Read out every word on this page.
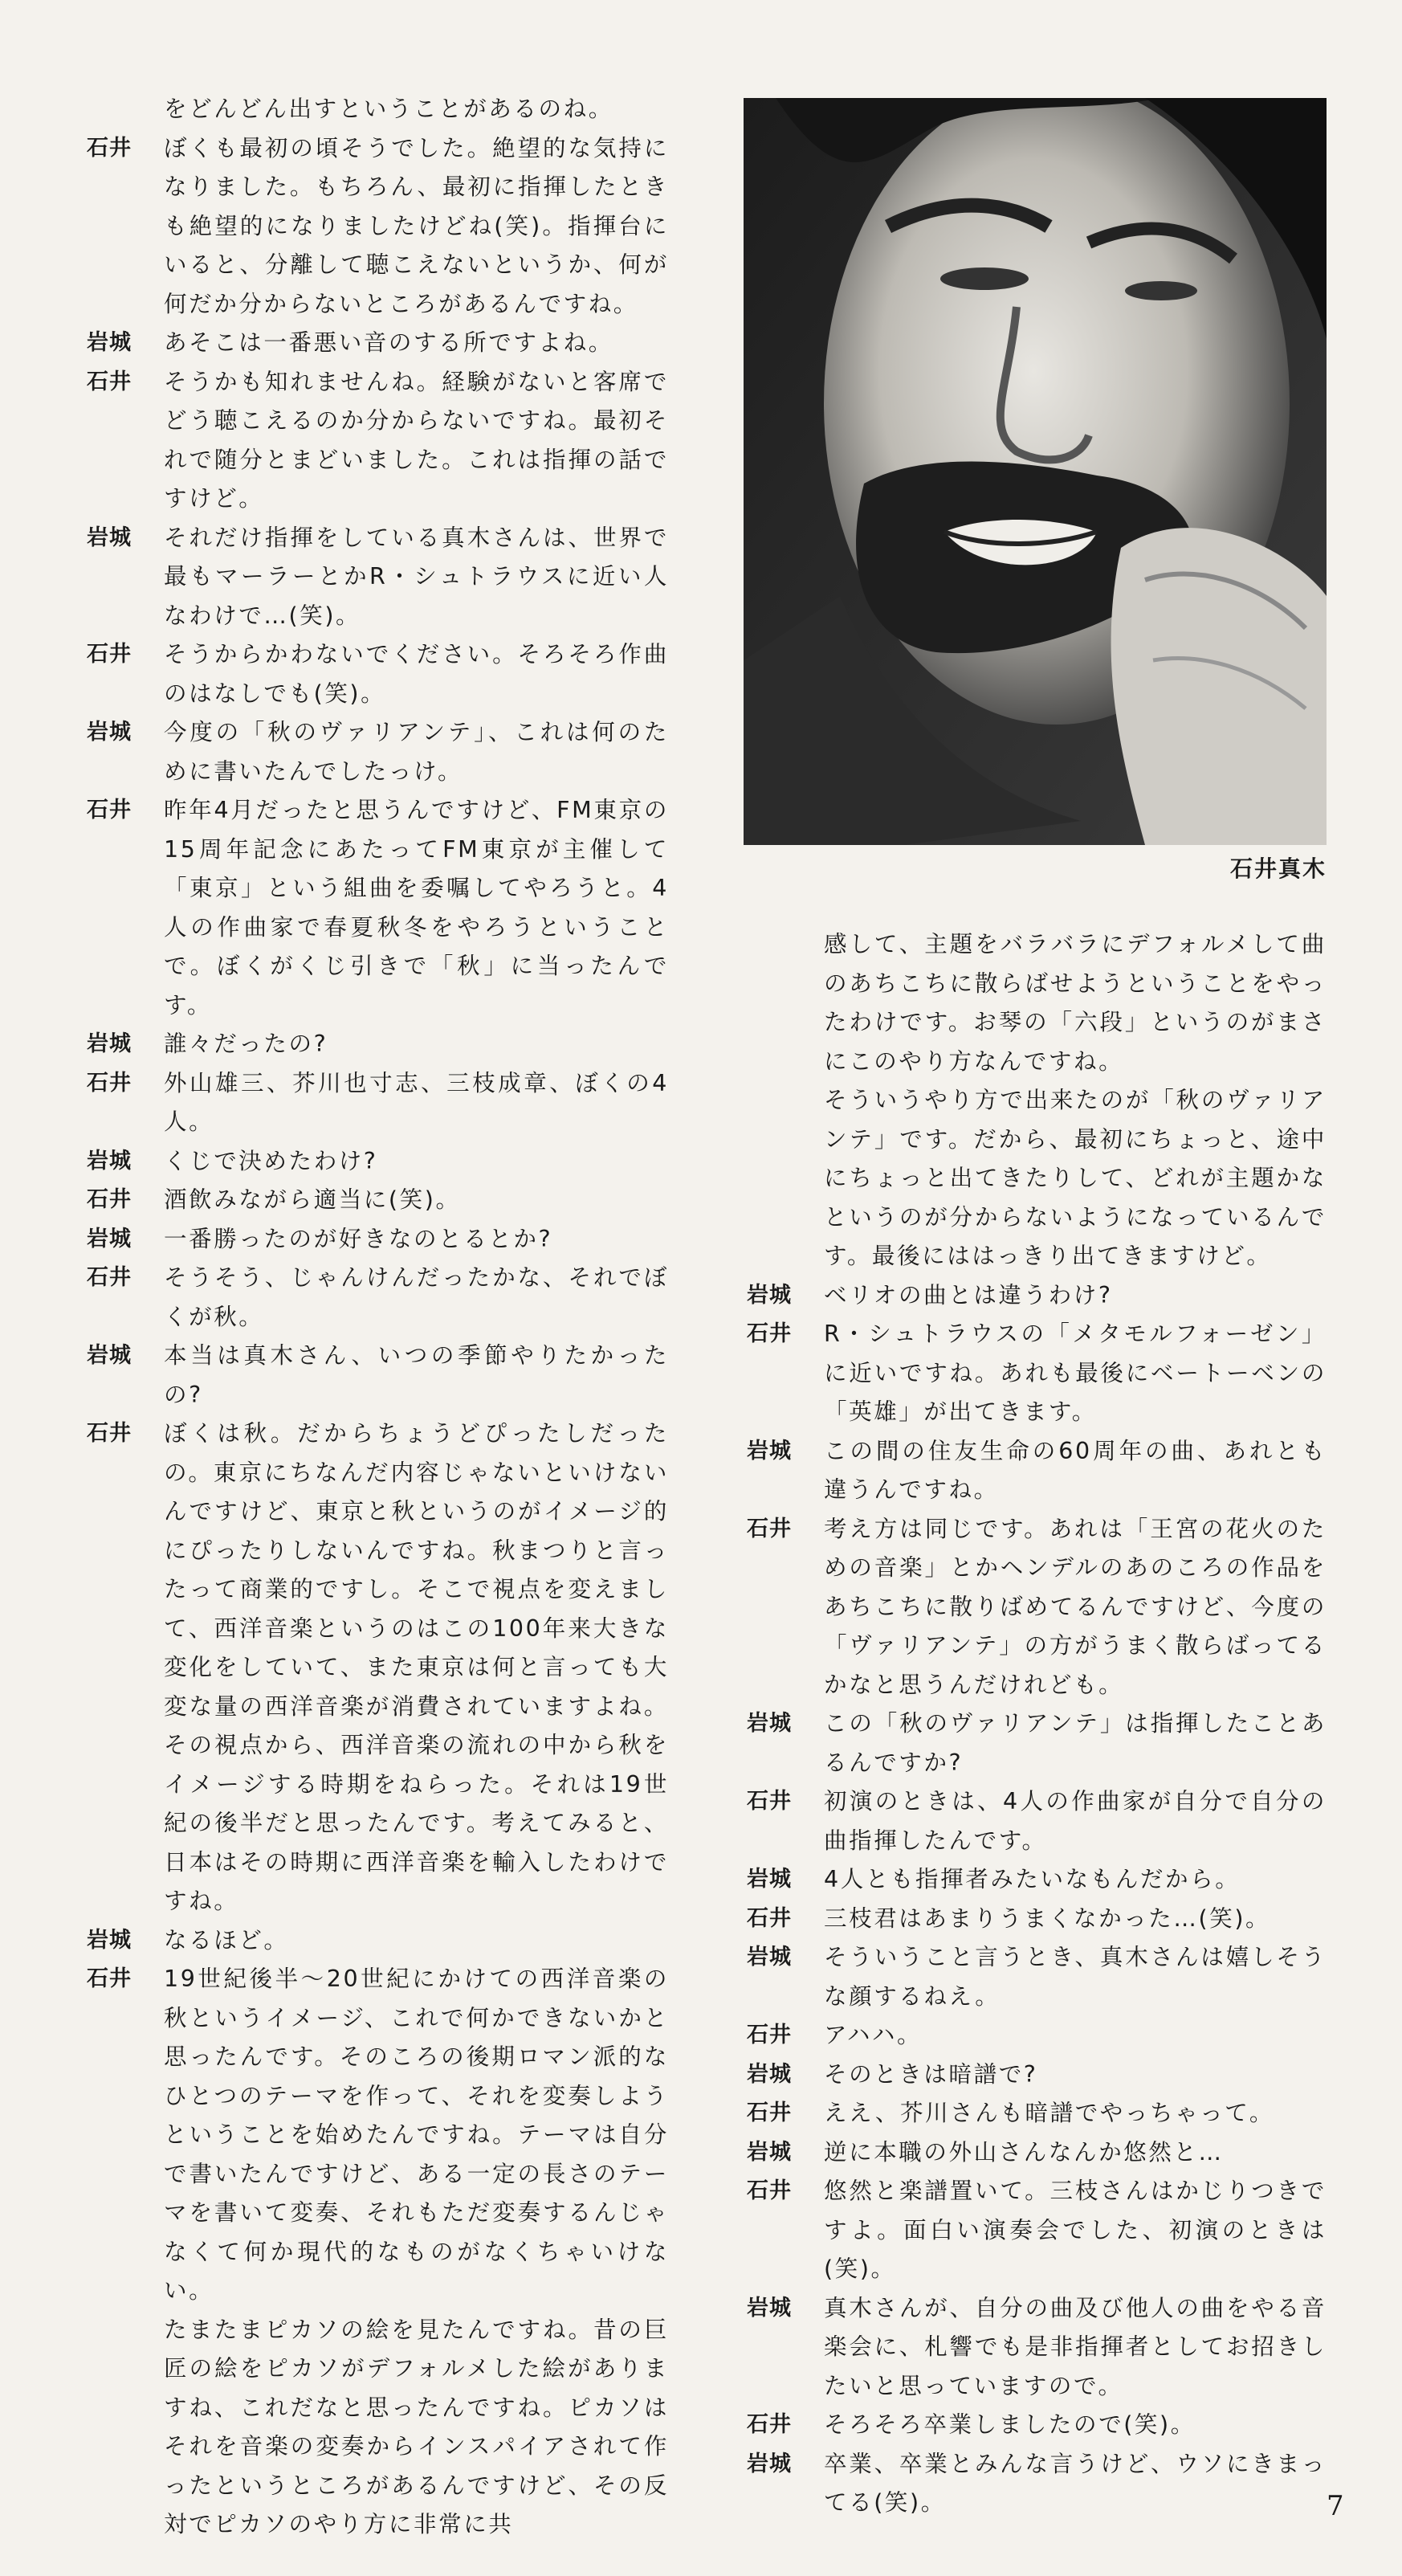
をどんどん出すということがあるのね。
石井	ぼくも最初の頃そうでした。絶望的な気持になりました。もちろん、最初に指揮したときも絶望的になりましたけどね(笑)。指揮台にいると、分離して聴こえないというか、何が何だか分からないところがあるんですね。
岩城	あそこは一番悪い音のする所ですよね。
石井	そうかも知れませんね。経験がないと客席でどう聴こえるのか分からないですね。最初それで随分とまどいました。これは指揮の話ですけど。
岩城	それだけ指揮をしている真木さんは、世界で最もマーラーとかR・シュトラウスに近い人なわけで…(笑)。
石井	そうからかわないでください。そろそろ作曲のはなしでも(笑)。
岩城	今度の「秋のヴァリアンテ」、これは何のために書いたんでしたっけ。
石井	昨年4月だったと思うんですけど、FM東京の15周年記念にあたってFM東京が主催して「東京」という組曲を委嘱してやろうと。4人の作曲家で春夏秋冬をやろうということで。ぼくがくじ引きで「秋」に当ったんです。
岩城	誰々だったの?
石井	外山雄三、芥川也寸志、三枝成章、ぼくの4人。
岩城	くじで決めたわけ?
石井	酒飲みながら適当に(笑)。
岩城	一番勝ったのが好きなのとるとか?
石井	そうそう、じゃんけんだったかな、それでぼくが秋。
岩城	本当は真木さん、いつの季節やりたかったの?
石井	ぼくは秋。だからちょうどぴったしだったの。東京にちなんだ内容じゃないといけないんですけど、東京と秋というのがイメージ的にぴったりしないんですね。秋まつりと言ったって商業的ですし。そこで視点を変えまして、西洋音楽というのはこの100年来大きな変化をしていて、また東京は何と言っても大変な量の西洋音楽が消費されていますよね。その視点から、西洋音楽の流れの中から秋をイメージする時期をねらった。それは19世紀の後半だと思ったんです。考えてみると、日本はその時期に西洋音楽を輸入したわけですね。
岩城	なるほど。
石井	19世紀後半〜20世紀にかけての西洋音楽の秋というイメージ、これで何かできないかと思ったんです。そのころの後期ロマン派的なひとつのテーマを作って、それを変奏しようということを始めたんですね。テーマは自分で書いたんですけど、ある一定の長さのテーマを書いて変奏、それもただ変奏するんじゃなくて何か現代的なものがなくちゃいけない。
たまたまピカソの絵を見たんですね。昔の巨匠の絵をピカソがデフォルメした絵がありますね、これだなと思ったんですね。ピカソはそれを音楽の変奏からインスパイアされて作ったというところがあるんですけど、その反対でピカソのやり方に非常に共
石井真木
感して、主題をバラバラにデフォルメして曲のあちこちに散らばせようということをやったわけです。お琴の「六段」というのがまさにこのやり方なんですね。
そういうやり方で出来たのが「秋のヴァリアンテ」です。だから、最初にちょっと、途中にちょっと出てきたりして、どれが主題かなというのが分からないようになっているんです。最後にははっきり出てきますけど。
岩城	ベリオの曲とは違うわけ?
石井	R・シュトラウスの「メタモルフォーゼン」に近いですね。あれも最後にベートーベンの「英雄」が出てきます。
岩城	この間の住友生命の60周年の曲、あれとも違うんですね。
石井	考え方は同じです。あれは「王宮の花火のための音楽」とかヘンデルのあのころの作品をあちこちに散りばめてるんですけど、今度の「ヴァリアンテ」の方がうまく散らばってるかなと思うんだけれども。
岩城	この「秋のヴァリアンテ」は指揮したことあるんですか?
石井	初演のときは、4人の作曲家が自分で自分の曲指揮したんです。
岩城	4人とも指揮者みたいなもんだから。
石井	三枝君はあまりうまくなかった…(笑)。
岩城	そういうこと言うとき、真木さんは嬉しそうな顔するねえ。
石井	アハハ。
岩城	そのときは暗譜で?
石井	ええ、芥川さんも暗譜でやっちゃって。
岩城	逆に本職の外山さんなんか悠然と…
石井	悠然と楽譜置いて。三枝さんはかじりつきですよ。面白い演奏会でした、初演のときは(笑)。
岩城	真木さんが、自分の曲及び他人の曲をやる音楽会に、札響でも是非指揮者としてお招きしたいと思っていますので。
石井	そろそろ卒業しましたので(笑)。
岩城	卒業、卒業とみんな言うけど、ウソにきまってる(笑)。	7
